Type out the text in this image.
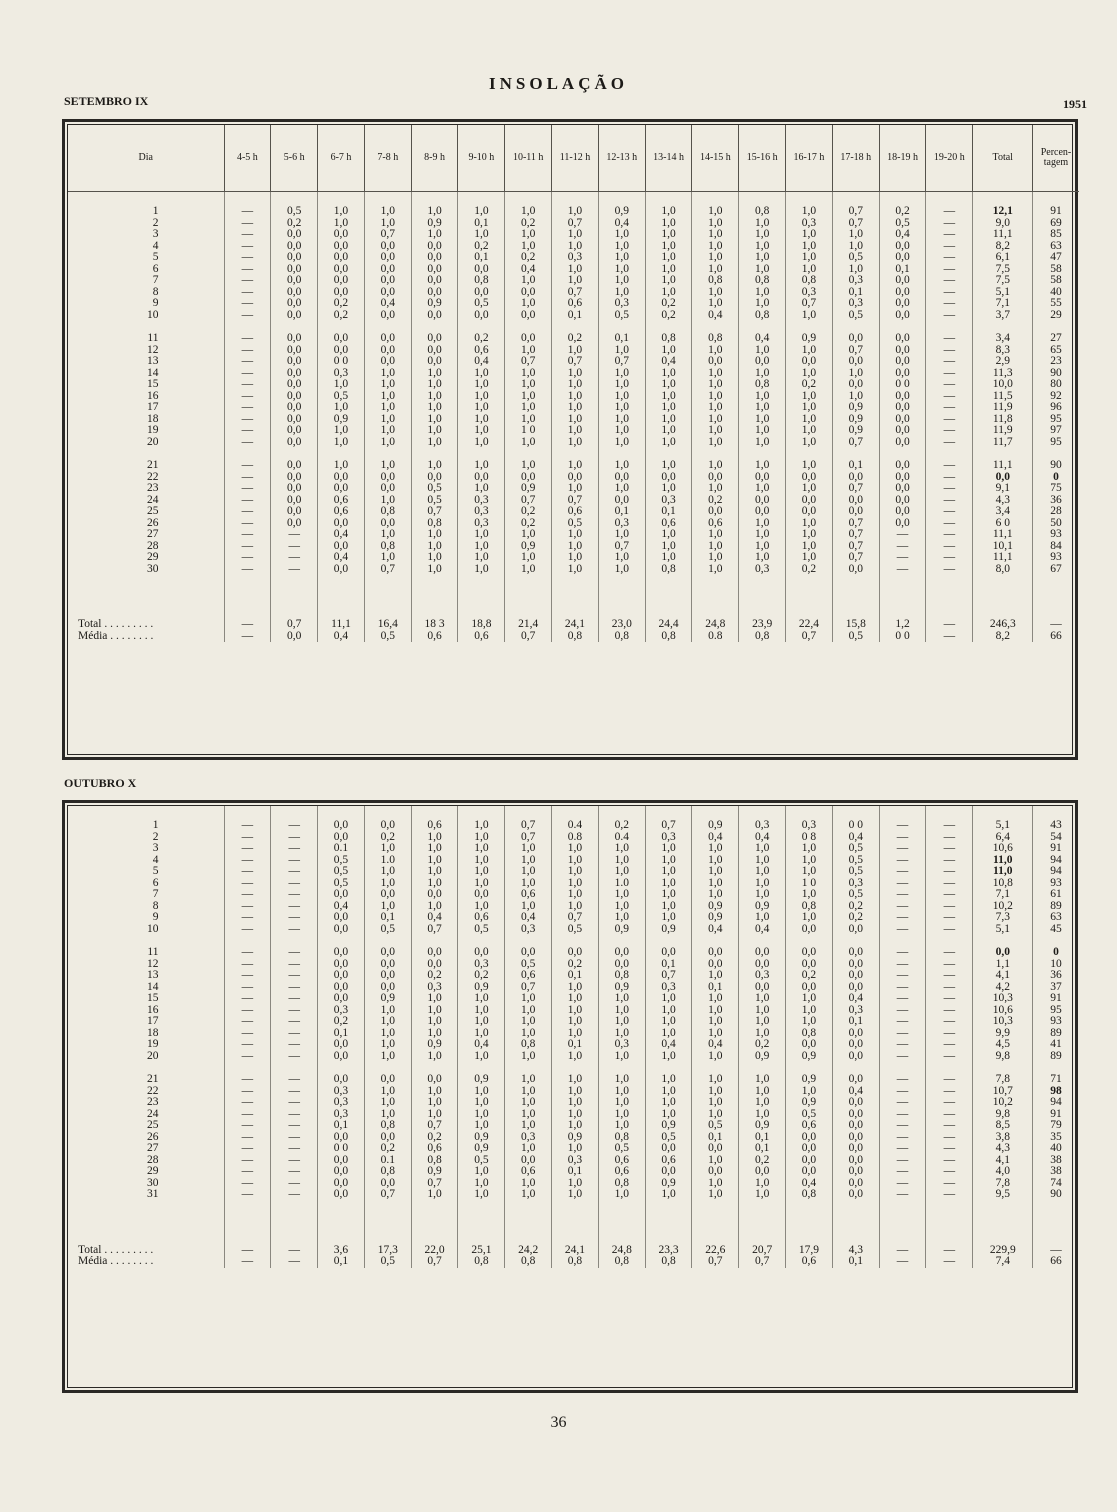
INSOLAÇÃO
SETEMBRO IX	1951
Dia	4-5 h	5-6 h	6-7 h	7-8 h	8-9 h	9-10 h	10-11 h	11-12 h	12-13 h	13-14 h	14-15 h	15-16 h	16-17 h	17-18 h	18-19 h	19-20 h	Total	Percen-tagem

1	—	0,5	1,0	1,0	1,0	1,0	1,0	1,0	0,9	1,0	1,0	0,8	1,0	0,7	0,2	—	12,1	91
2	—	0,2	1,0	1,0	0,9	0,1	0,2	0,7	0,4	1,0	1,0	1,0	0,3	0,7	0,5	—	9,0	69
3	—	0,0	0,0	0,7	1,0	1,0	1,0	1,0	1,0	1,0	1,0	1,0	1,0	1,0	0,4	—	11,1	85
4	—	0,0	0,0	0,0	0,0	0,2	1,0	1,0	1,0	1,0	1,0	1,0	1,0	1,0	0,0	—	8,2	63
5	—	0,0	0,0	0,0	0,0	0,1	0,2	0,3	1,0	1,0	1,0	1,0	1,0	0,5	0,0	—	6,1	47
6	—	0,0	0,0	0,0	0,0	0,0	0,4	1,0	1,0	1,0	1,0	1,0	1,0	1,0	0,1	—	7,5	58
7	—	0,0	0,0	0,0	0,0	0,8	1,0	1,0	1,0	1,0	0,8	0,8	0,8	0,3	0,0	—	7,5	58
8	—	0,0	0,0	0,0	0,0	0,0	0,0	0,7	1,0	1,0	1,0	1,0	0,3	0,1	0,0	—	5,1	40
9	—	0,0	0,2	0,4	0,9	0,5	1,0	0,6	0,3	0,2	1,0	1,0	0,7	0,3	0,0	—	7,1	55
10	—	0,0	0,2	0,0	0,0	0,0	0,0	0,1	0,5	0,2	0,4	0,8	1,0	0,5	0,0	—	3,7	29

11	—	0,0	0,0	0,0	0,0	0,2	0,0	0,2	0,1	0,8	0,8	0,4	0,9	0,0	0,0	—	3,4	27
12	—	0,0	0,0	0,0	0,0	0,6	1,0	1,0	1,0	1,0	1,0	1,0	1,0	0,7	0,0	—	8,3	65
13	—	0,0	0 0	0,0	0,0	0,4	0,7	0,7	0,7	0,4	0,0	0,0	0,0	0,0	0,0	—	2,9	23
14	—	0,0	0,3	1,0	1,0	1,0	1,0	1,0	1,0	1,0	1,0	1,0	1,0	1,0	0,0	—	11,3	90
15	—	0,0	1,0	1,0	1,0	1,0	1,0	1,0	1,0	1,0	1,0	0,8	0,2	0,0	0 0	—	10,0	80
16	—	0,0	0,5	1,0	1,0	1,0	1,0	1,0	1,0	1,0	1,0	1,0	1,0	1,0	0,0	—	11,5	92
17	—	0,0	1,0	1,0	1,0	1,0	1,0	1,0	1,0	1,0	1,0	1,0	1,0	0,9	0,0	—	11,9	96
18	—	0,0	0,9	1,0	1,0	1,0	1,0	1,0	1,0	1,0	1,0	1,0	1,0	0,9	0,0	—	11,8	95
19	—	0,0	1,0	1,0	1,0	1,0	1 0	1,0	1,0	1,0	1,0	1,0	1,0	0,9	0,0	—	11,9	97
20	—	0,0	1,0	1,0	1,0	1,0	1,0	1,0	1,0	1,0	1,0	1,0	1,0	0,7	0,0	—	11,7	95

21	—	0,0	1,0	1,0	1,0	1,0	1,0	1,0	1,0	1,0	1,0	1,0	1,0	0,1	0,0	—	11,1	90
22	—	0,0	0,0	0,0	0,0	0,0	0,0	0,0	0,0	0,0	0,0	0,0	0,0	0,0	0,0	—	0,0	0
23	—	0,0	0,0	0,0	0,5	1,0	0,9	1,0	1,0	1,0	1,0	1,0	1,0	0,7	0,0	—	9,1	75
24	—	0,0	0,6	1,0	0,5	0,3	0,7	0,7	0,0	0,3	0,2	0,0	0,0	0,0	0,0	—	4,3	36
25	—	0,0	0,6	0,8	0,7	0,3	0,2	0,6	0,1	0,1	0,0	0,0	0,0	0,0	0,0	—	3,4	28
26	—	0,0	0,0	0,0	0,8	0,3	0,2	0,5	0,3	0,6	0,6	1,0	1,0	0,7	0,0	—	6 0	50
27	—	—	0,4	1,0	1,0	1,0	1,0	1,0	1,0	1,0	1,0	1,0	1,0	0,7	—	—	11,1	93
28	—	—	0,0	0,8	1,0	1,0	0,9	1,0	0,7	1,0	1,0	1,0	1,0	0,7	—	—	10,1	84
29	—	—	0,4	1,0	1,0	1,0	1,0	1,0	1,0	1,0	1,0	1,0	1,0	0,7	—	—	11,1	93
30	—	—	0,0	0,7	1,0	1,0	1,0	1,0	1,0	0,8	1,0	0,3	0,2	0,0	—	—	8,0	67

Total . . . . . . . . .	—	0,7	11,1	16,4	18 3	18,8	21,4	24,1	23,0	24,4	24,8	23,9	22,4	15,8	1,2	—	246,3	—
Média . . . . . . . .	—	0,0	0,4	0,5	0,6	0,6	0,7	0,8	0,8	0,8	0.8	0,8	0,7	0,5	0 0	—	8,2	66
OUTUBRO X

1	—	—	0,0	0,0	0,6	1,0	0,7	0.4	0,2	0,7	0,9	0,3	0,3	0 0	—	—	5,1	43
2	—	—	0,0	0,2	1,0	1,0	0,7	0.8	0.4	0,3	0,4	0,4	0 8	0,4	—	—	6,4	54
3	—	—	0.1	1,0	1,0	1,0	1,0	1,0	1,0	1,0	1,0	1,0	1,0	0,5	—	—	10,6	91
4	—	—	0,5	1.0	1,0	1,0	1,0	1,0	1,0	1,0	1,0	1,0	1,0	0,5	—	—	11,0	94
5	—	—	0,5	1,0	1,0	1,0	1,0	1,0	1,0	1,0	1,0	1,0	1,0	0,5	—	—	11,0	94
6	—	—	0,5	1,0	1,0	1,0	1,0	1,0	1.0	1,0	1,0	1,0	1 0	0,3	—	—	10,8	93
7	—	—	0,0	0,0	0,0	0,0	0,6	1,0	1,0	1,0	1,0	1,0	1,0	0,5	—	—	7,1	61
8	—	—	0,4	1,0	1,0	1,0	1,0	1,0	1,0	1,0	0,9	0,9	0,8	0,2	—	—	10,2	89
9	—	—	0,0	0,1	0,4	0,6	0,4	0,7	1,0	1,0	0,9	1,0	1,0	0,2	—	—	7,3	63
10	—	—	0,0	0,5	0,7	0,5	0,3	0,5	0,9	0,9	0,4	0,4	0,0	0,0	—	—	5,1	45

11	—	—	0,0	0,0	0,0	0,0	0,0	0,0	0,0	0,0	0,0	0,0	0,0	0,0	—	—	0,0	0
12	—	—	0,0	0,0	0,0	0,3	0,5	0,2	0,0	0,1	0,0	0,0	0,0	0,0	—	—	1,1	10
13	—	—	0,0	0,0	0,2	0,2	0,6	0,1	0,8	0,7	1,0	0,3	0,2	0,0	—	—	4,1	36
14	—	—	0,0	0,0	0,3	0,9	0,7	1,0	0,9	0,3	0,1	0,0	0,0	0,0	—	—	4,2	37
15	—	—	0,0	0,9	1,0	1,0	1,0	1,0	1,0	1,0	1,0	1,0	1,0	0,4	—	—	10,3	91
16	—	—	0,3	1,0	1,0	1,0	1,0	1,0	1,0	1,0	1,0	1,0	1,0	0,3	—	—	10,6	95
17	—	—	0,2	1,0	1,0	1,0	1,0	1,0	1,0	1,0	1,0	1,0	1,0	0,1	—	—	10,3	93
18	—	—	0,1	1,0	1,0	1,0	1,0	1,0	1,0	1,0	1,0	1,0	0,8	0,0	—	—	9,9	89
19	—	—	0,0	1,0	0,9	0,4	0,8	0,1	0,3	0,4	0,4	0,2	0,0	0,0	—	—	4,5	41
20	—	—	0,0	1,0	1,0	1,0	1,0	1,0	1,0	1,0	1,0	0,9	0,9	0,0	—	—	9,8	89

21	—	—	0,0	0,0	0,0	0,9	1,0	1,0	1,0	1,0	1,0	1,0	0,9	0,0	—	—	7,8	71
22	—	—	0,3	1,0	1,0	1,0	1,0	1,0	1,0	1,0	1,0	1,0	1,0	0,4	—	—	10,7	98
23	—	—	0,3	1,0	1,0	1,0	1,0	1,0	1,0	1,0	1,0	1,0	0,9	0,0	—	—	10,2	94
24	—	—	0,3	1,0	1,0	1,0	1,0	1,0	1,0	1,0	1,0	1,0	0,5	0,0	—	—	9,8	91
25	—	—	0,1	0,8	0,7	1,0	1,0	1,0	1,0	0,9	0,5	0,9	0,6	0,0	—	—	8,5	79
26	—	—	0,0	0,0	0,2	0,9	0,3	0,9	0,8	0,5	0,1	0,1	0,0	0,0	—	—	3,8	35
27	—	—	0 0	0,2	0,6	0,9	1,0	1,0	0,5	0,0	0,0	0,1	0,0	0,0	—	—	4,3	40
28	—	—	0,0	0.1	0,8	0,5	0,0	0,3	0,6	0,6	1,0	0,2	0,0	0,0	—	—	4,1	38
29	—	—	0,0	0,8	0,9	1,0	0,6	0,1	0,6	0,0	0,0	0,0	0,0	0,0	—	—	4,0	38
30	—	—	0,0	0,0	0,7	1,0	1,0	1,0	0,8	0,9	1,0	1,0	0,4	0,0	—	—	7,8	74
31	—	—	0,0	0,7	1,0	1,0	1,0	1,0	1,0	1,0	1,0	1,0	0,8	0,0	—	—	9,5	90

Total . . . . . . . . .	—	—	3,6	17,3	22,0	25,1	24,2	24,1	24,8	23,3	22,6	20,7	17,9	4,3	—	—	229,9	—
Média . . . . . . . .	—	—	0,1	0,5	0,7	0,8	0,8	0,8	0,8	0,8	0,7	0,7	0,6	0,1	—	—	7,4	66
36
